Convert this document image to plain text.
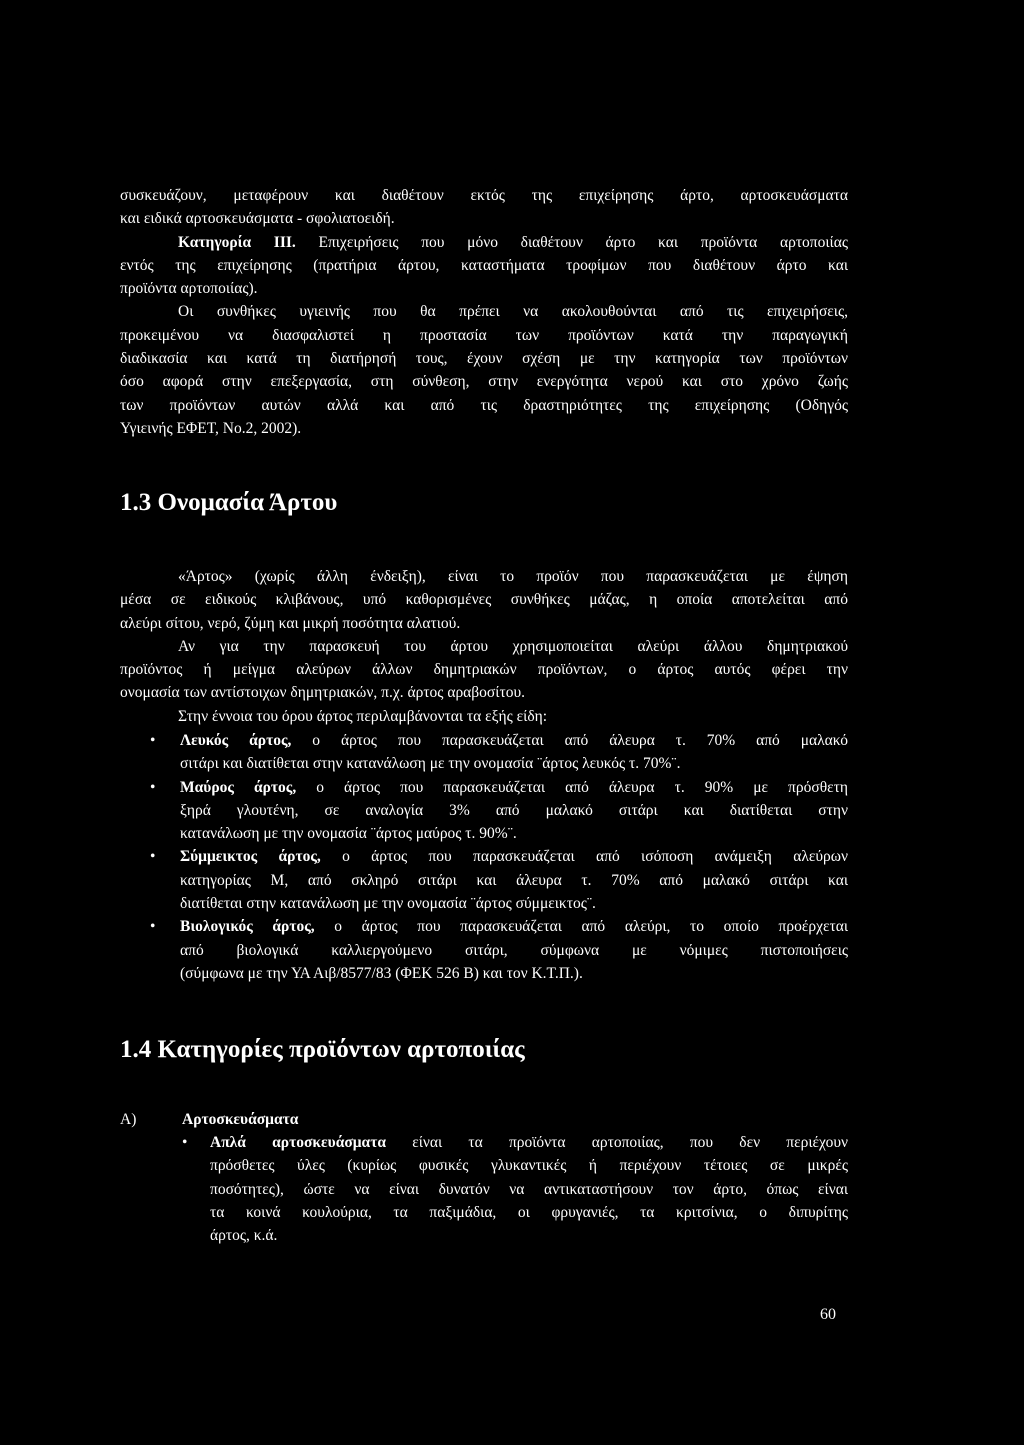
συσκευάζουν, μεταφέρουν και διαθέτουν εκτός της επιχείρησης άρτο, αρτοσκευάσματα
και ειδικά αρτοσκευάσματα - σφολιατοειδή.
Κατηγορία ΙΙΙ. Επιχειρήσεις που μόνο διαθέτουν άρτο και προϊόντα αρτοποιίας
εντός της επιχείρησης (πρατήρια άρτου, καταστήματα τροφίμων που διαθέτουν άρτο και
προϊόντα αρτοποιίας).
Οι συνθήκες υγιεινής που θα πρέπει να ακολουθούνται από τις επιχειρήσεις,
προκειμένου να διασφαλιστεί η προστασία των προϊόντων κατά την παραγωγική
διαδικασία και κατά τη διατήρησή τους, έχουν σχέση με την κατηγορία των προϊόντων
όσο αφορά στην επεξεργασία, στη σύνθεση, στην ενεργότητα νερού και στο χρόνο ζωής
των προϊόντων αυτών αλλά και από τις δραστηριότητες της επιχείρησης (Οδηγός
Υγιεινής ΕΦΕΤ, Νο.2, 2002).
1.3 Ονομασία Άρτου
«Άρτος» (χωρίς άλλη ένδειξη), είναι το προϊόν που παρασκευάζεται με έψηση
μέσα σε ειδικούς κλιβάνους, υπό καθορισμένες συνθήκες μάζας, η οποία αποτελείται από
αλεύρι σίτου, νερό, ζύμη και μικρή ποσότητα αλατιού.
Αν για την παρασκευή του άρτου χρησιμοποιείται αλεύρι άλλου δημητριακού
προϊόντος ή μείγμα αλεύρων άλλων δημητριακών προϊόντων, ο άρτος αυτός φέρει την
ονομασία των αντίστοιχων δημητριακών, π.χ. άρτος αραβοσίτου.
Στην έννοια του όρου άρτος περιλαμβάνονται τα εξής είδη:
• Λευκός άρτος, ο άρτος που παρασκευάζεται από άλευρα τ. 70% από μαλακό
σιτάρι και διατίθεται στην κατανάλωση με την ονομασία ¨άρτος λευκός τ. 70%¨.
• Μαύρος άρτος, ο άρτος που παρασκευάζεται από άλευρα τ. 90% με πρόσθετη
ξηρά γλουτένη, σε αναλογία 3% από μαλακό σιτάρι και διατίθεται στην
κατανάλωση με την ονομασία ¨άρτος μαύρος τ. 90%¨.
• Σύμμεικτος άρτος, ο άρτος που παρασκευάζεται από ισόποση ανάμειξη αλεύρων
κατηγορίας Μ, από σκληρό σιτάρι και άλευρα τ. 70% από μαλακό σιτάρι και
διατίθεται στην κατανάλωση με την ονομασία ¨άρτος σύμμεικτος¨.
• Βιολογικός άρτος, ο άρτος που παρασκευάζεται από αλεύρι, το οποίο προέρχεται
από βιολογικά καλλιεργούμενο σιτάρι, σύμφωνα με νόμιμες πιστοποιήσεις
(σύμφωνα με την ΥΑ Αιβ/8577/83 (ΦΕΚ 526 Β) και τον Κ.Τ.Π.).
1.4 Κατηγορίες προϊόντων αρτοποιίας
Α)	Αρτοσκευάσματα
• Απλά αρτοσκευάσματα είναι τα προϊόντα αρτοποιίας, που δεν περιέχουν
πρόσθετες ύλες (κυρίως φυσικές γλυκαντικές ή περιέχουν τέτοιες σε μικρές
ποσότητες), ώστε να είναι δυνατόν να αντικαταστήσουν τον άρτο, όπως είναι
τα κοινά κουλούρια, τα παξιμάδια, οι φρυγανιές, τα κριτσίνια, ο διπυρίτης
άρτος, κ.ά.
60
